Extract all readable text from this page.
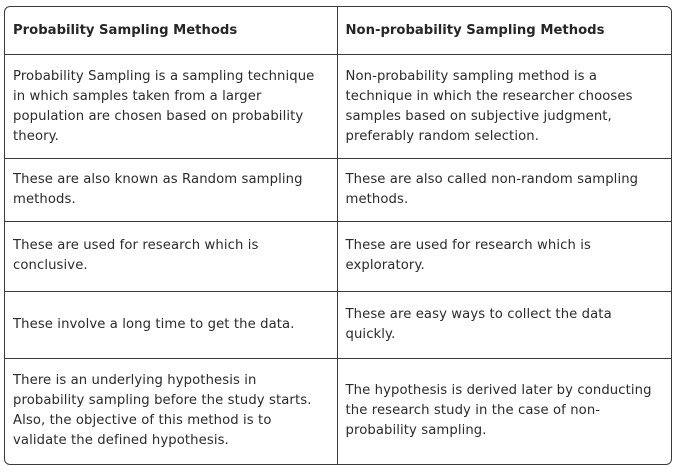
Probability Sampling Methods	Non-probability Sampling Methods
Probability Sampling is a sampling technique in which samples taken from a larger population are chosen based on probability theory.	Non-probability sampling method is a technique in which the researcher chooses samples based on subjective judgment, preferably random selection.
These are also known as Random sampling methods.	These are also called non-random sampling methods.
These are used for research which is conclusive.	These are used for research which is exploratory.
These involve a long time to get the data.	These are easy ways to collect the data quickly.
There is an underlying hypothesis in probability sampling before the study starts. Also, the objective of this method is to validate the defined hypothesis.	The hypothesis is derived later by conducting the research study in the case of non-probability sampling.
